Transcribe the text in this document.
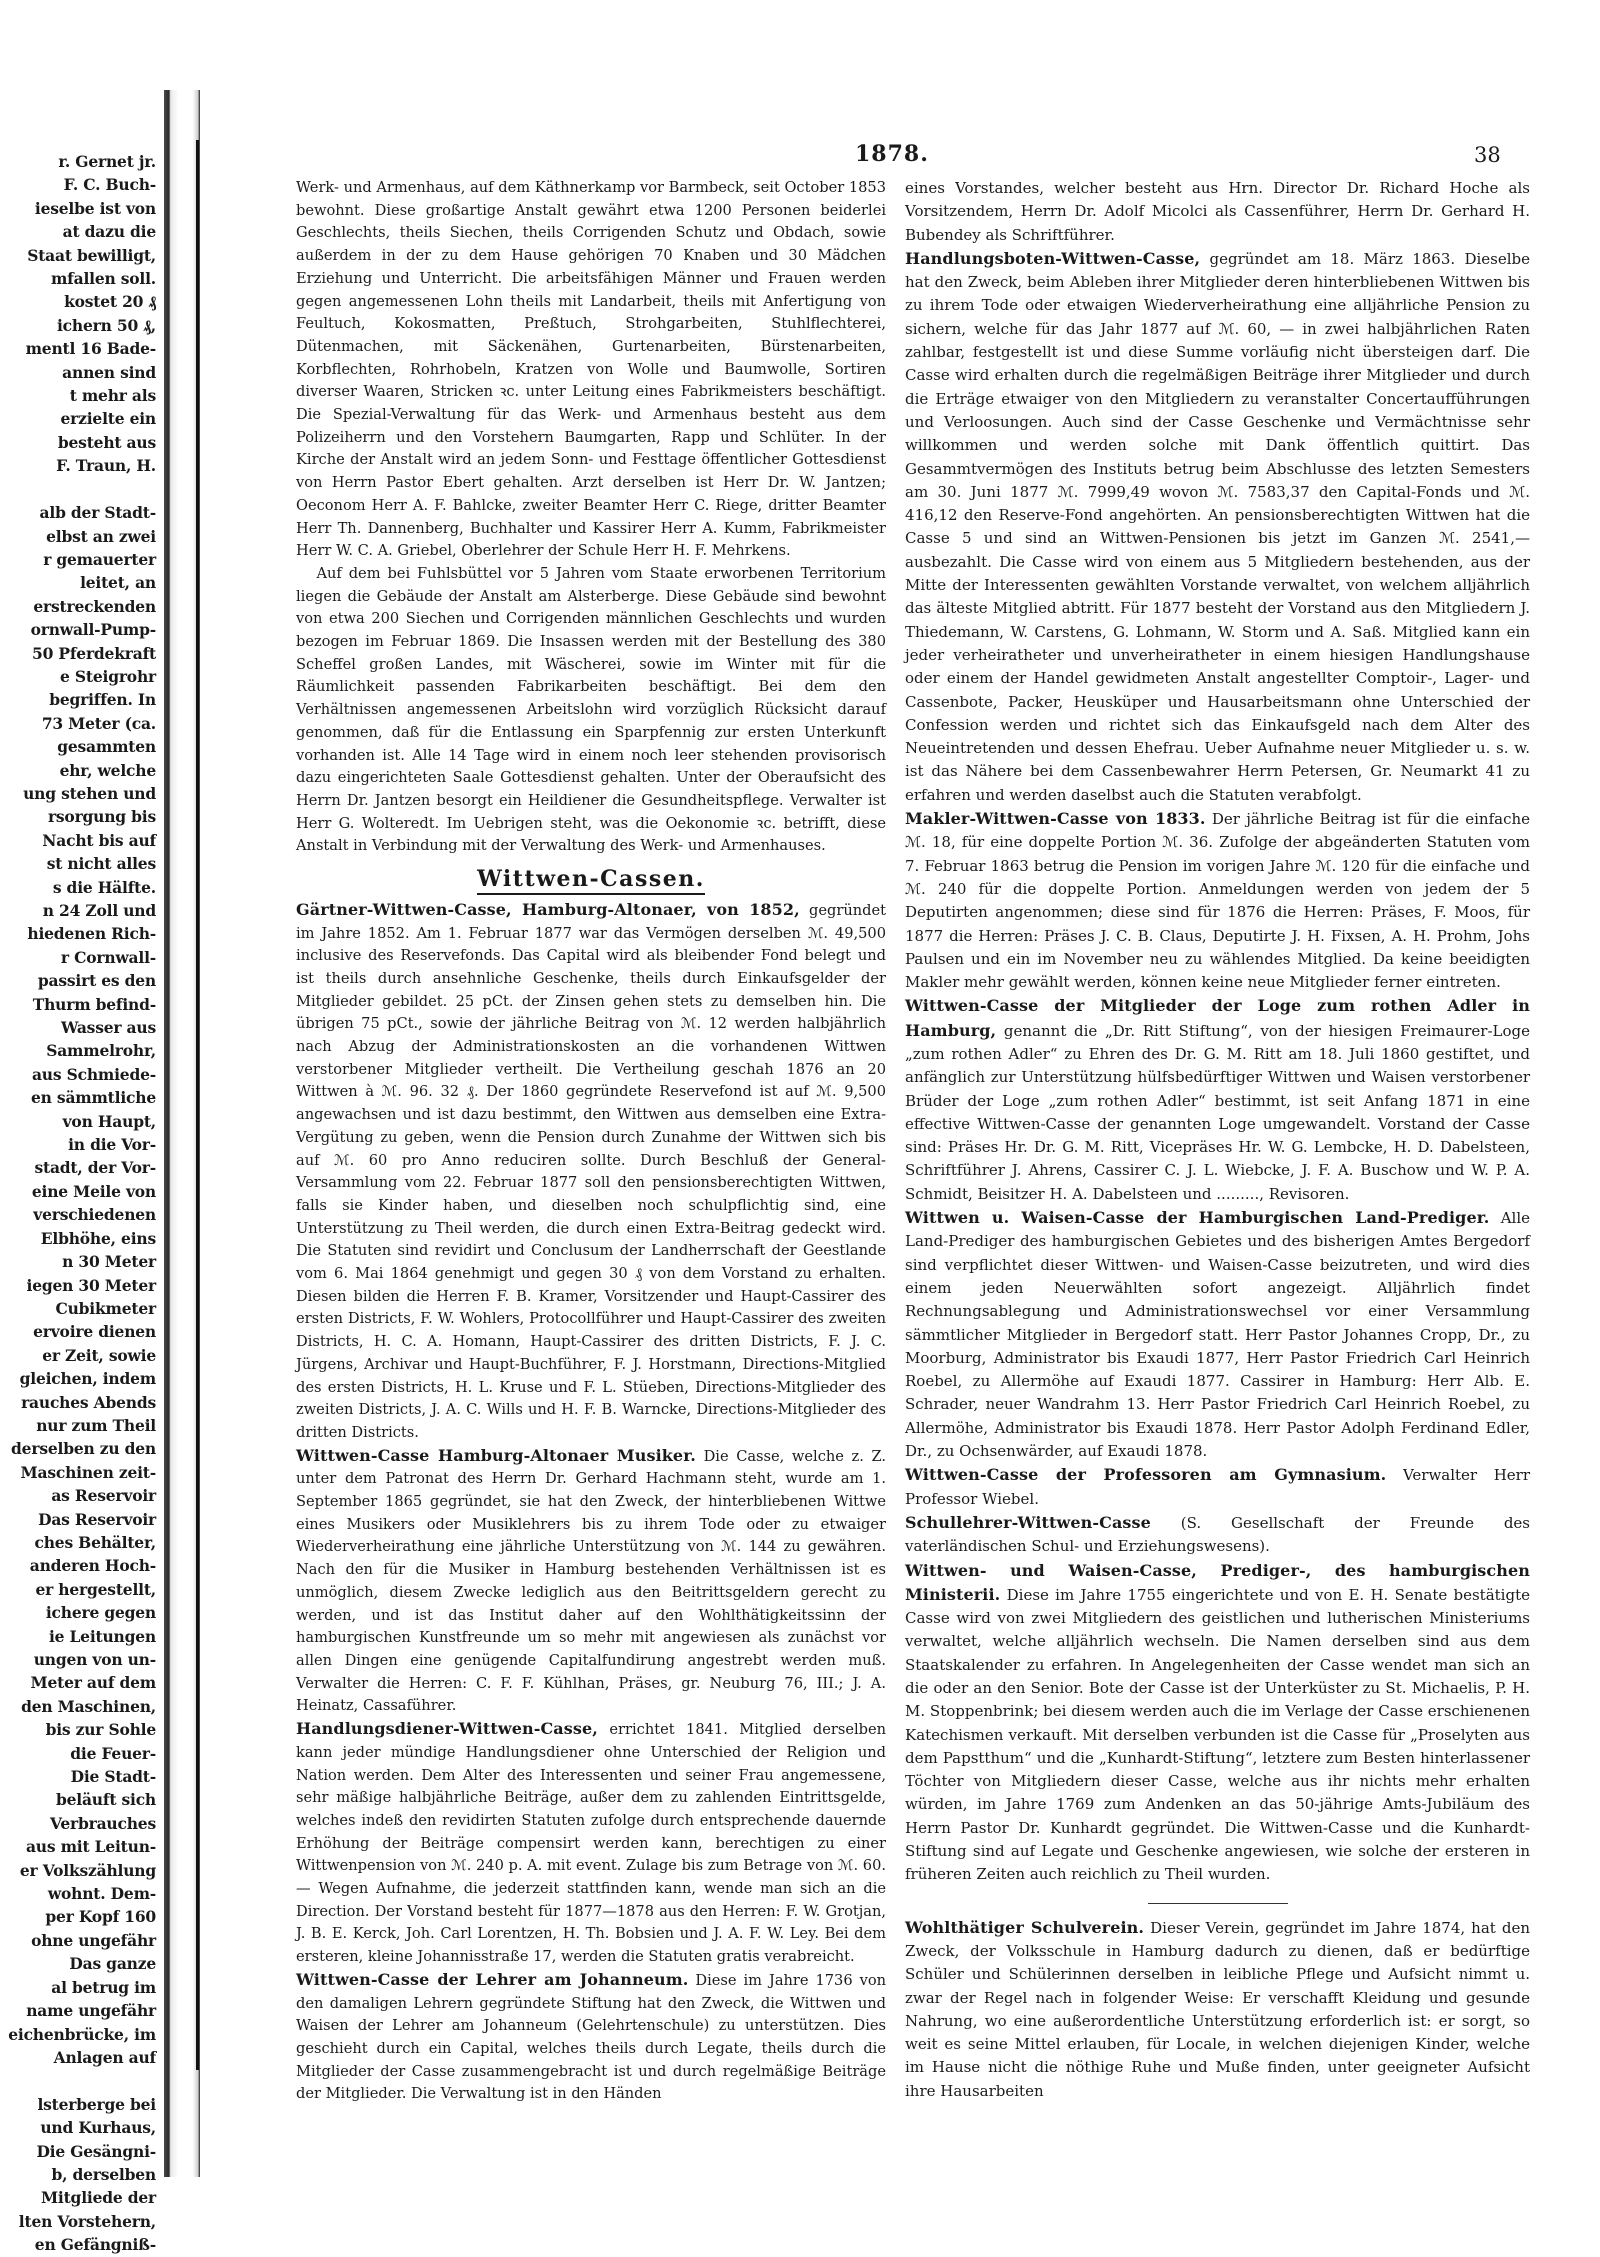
r. Gernet jr.
F. C. Buch-
ieselbe ist von
at dazu die
Staat bewilligt,
mfallen soll.
kostet 20 ₰
ichern 50 ₰,
mentl 16 Bade-
annen sind
t mehr als
erzielte ein
besteht aus
F. Traun, H.

alb der Stadt-
elbst an zwei
r gemauerter
leitet, an
erstreckenden
ornwall-Pump-
50 Pferdekraft
e Steigrohr
begriffen. In
73 Meter (ca.
gesammten
ehr, welche
ung stehen und
rsorgung bis
Nacht bis auf
st nicht alles
s die Hälfte.
n 24 Zoll und
hiedenen Rich-
r Cornwall-
passirt es den
Thurm befind-
Wasser aus
Sammelrohr,
aus Schmiede-
en sämmtliche
von Haupt,
in die Vor-
stadt, der Vor-
eine Meile von
verschiedenen
Elbhöhe, eins
n 30 Meter
iegen 30 Meter
Cubikmeter
ervoire dienen
er Zeit, sowie
gleichen, indem
rauches Abends
nur zum Theil
derselben zu den
Maschinen zeit-
as Reservoir
Das Reservoir
ches Behälter,
anderen Hoch-
er hergestellt,
ichere gegen
ie Leitungen
ungen von un-
Meter auf dem
den Maschinen,
bis zur Sohle
die Feuer-
Die Stadt-
beläuft sich
Verbrauches
aus mit Leitun-
er Volkszählung
wohnt. Dem-
per Kopf 160
ohne ungefähr
Das ganze
al betrug im
name ungefähr
eichenbrücke, im
Anlagen auf

lsterberge bei
und Kurhaus,
Die Gesängni-
b, derselben
Mitgliede der
lten Vorstehern,
en Gefängniß-
1878.	38

Werk- und Armenhaus, auf dem Käthnerkamp vor Barmbeck, seit October 1853 bewohnt. Diese großartige Anstalt gewährt etwa 1200 Personen beiderlei Geschlechts, theils Siechen, theils Corrigenden Schutz und Obdach, sowie außerdem in der zu dem Hause gehörigen 70 Knaben und 30 Mädchen Erziehung und Unterricht. Die arbeitsfähigen Männer und Frauen werden gegen angemessenen Lohn theils mit Landarbeit, theils mit Anfertigung von Feultuch, Kokosmatten, Preßtuch, Strohgarbeiten, Stuhlflechterei, Dütenmachen, mit Säckenähen, Gurtenarbeiten, Bürstenarbeiten, Korbflechten, Rohrhobeln, Kratzen von Wolle und Baumwolle, Sortiren diverser Waaren, Stricken ꝛc. unter Leitung eines Fabrikmeisters beschäftigt. Die Spezial-Verwaltung für das Werk- und Armenhaus besteht aus dem Polizeiherrn und den Vorstehern Baumgarten, Rapp und Schlüter. In der Kirche der Anstalt wird an jedem Sonn- und Festtage öffentlicher Gottesdienst von Herrn Pastor Ebert gehalten. Arzt derselben ist Herr Dr. W. Jantzen; Oeconom Herr A. F. Bahlcke, zweiter Beamter Herr C. Riege, dritter Beamter Herr Th. Dannenberg, Buchhalter und Kassirer Herr A. Kumm, Fabrikmeister Herr W. C. A. Griebel, Oberlehrer der Schule Herr H. F. Mehrkens.

Auf dem bei Fuhlsbüttel vor 5 Jahren vom Staate erworbenen Territorium liegen die Gebäude der Anstalt am Alsterberge. Diese Gebäude sind bewohnt von etwa 200 Siechen und Corrigenden männlichen Geschlechts und wurden bezogen im Februar 1869. Die Insassen werden mit der Bestellung des 380 Scheffel großen Landes, mit Wäscherei, sowie im Winter mit für die Räumlichkeit passenden Fabrikarbeiten beschäftigt. Bei dem den Verhältnissen angemessenen Arbeitslohn wird vorzüglich Rücksicht darauf genommen, daß für die Entlassung ein Sparpfennig zur ersten Unterkunft vorhanden ist. Alle 14 Tage wird in einem noch leer stehenden provisorisch dazu eingerichteten Saale Gottesdienst gehalten. Unter der Oberaufsicht des Herrn Dr. Jantzen besorgt ein Heildiener die Gesundheitspflege. Verwalter ist Herr G. Wolteredt. Im Uebrigen steht, was die Oekonomie ꝛc. betrifft, diese Anstalt in Verbindung mit der Verwaltung des Werk- und Armenhauses.

Wittwen-Cassen.

Gärtner-Wittwen-Casse, Hamburg-Altonaer, von 1852, gegründet im Jahre 1852. Am 1. Februar 1877 war das Vermögen derselben ℳ. 49,500 inclusive des Reservefonds. Das Capital wird als bleibender Fond belegt und ist theils durch ansehnliche Geschenke, theils durch Einkaufsgelder der Mitglieder gebildet. 25 pCt. der Zinsen gehen stets zu demselben hin. Die übrigen 75 pCt., sowie der jährliche Beitrag von ℳ. 12 werden halbjährlich nach Abzug der Administrationskosten an die vorhandenen Wittwen verstorbener Mitglieder vertheilt. Die Vertheilung geschah 1876 an 20 Wittwen à ℳ. 96. 32 ₰. Der 1860 gegründete Reservefond ist auf ℳ. 9,500 angewachsen und ist dazu bestimmt, den Wittwen aus demselben eine Extra-Vergütung zu geben, wenn die Pension durch Zunahme der Wittwen sich bis auf ℳ. 60 pro Anno reduciren sollte. Durch Beschluß der General-Versammlung vom 22. Februar 1877 soll den pensionsberechtigten Wittwen, falls sie Kinder haben, und dieselben noch schulpflichtig sind, eine Unterstützung zu Theil werden, die durch einen Extra-Beitrag gedeckt wird. Die Statuten sind revidirt und Conclusum der Landherrschaft der Geestlande vom 6. Mai 1864 genehmigt und gegen 30 ₰ von dem Vorstand zu erhalten. Diesen bilden die Herren F. B. Kramer, Vorsitzender und Haupt-Cassirer des ersten Districts, F. W. Wohlers, Protocollführer und Haupt-Cassirer des zweiten Districts, H. C. A. Homann, Haupt-Cassirer des dritten Districts, F. J. C. Jürgens, Archivar und Haupt-Buchführer, F. J. Horstmann, Directions-Mitglied des ersten Districts, H. L. Kruse und F. L. Stüeben, Directions-Mitglieder des zweiten Districts, J. A. C. Wills und H. F. B. Warncke, Directions-Mitglieder des dritten Districts.

Wittwen-Casse Hamburg-Altonaer Musiker. Die Casse, welche z. Z. unter dem Patronat des Herrn Dr. Gerhard Hachmann steht, wurde am 1. September 1865 gegründet, sie hat den Zweck, der hinterbliebenen Wittwe eines Musikers oder Musiklehrers bis zu ihrem Tode oder zu etwaiger Wiederverheirathung eine jährliche Unterstützung von ℳ. 144 zu gewähren. Nach den für die Musiker in Hamburg bestehenden Verhältnissen ist es unmöglich, diesem Zwecke lediglich aus den Beitrittsgeldern gerecht zu werden, und ist das Institut daher auf den Wohlthätigkeitssinn der hamburgischen Kunstfreunde um so mehr mit angewiesen als zunächst vor allen Dingen eine genügende Capitalfundirung angestrebt werden muß. Verwalter die Herren: C. F. F. Kühlhan, Präses, gr. Neuburg 76, III.; J. A. Heinatz, Cassaführer.

Handlungsdiener-Wittwen-Casse, errichtet 1841. Mitglied derselben kann jeder mündige Handlungsdiener ohne Unterschied der Religion und Nation werden. Dem Alter des Interessenten und seiner Frau angemessene, sehr mäßige halbjährliche Beiträge, außer dem zu zahlenden Eintrittsgelde, welches indeß den revidirten Statuten zufolge durch entsprechende dauernde Erhöhung der Beiträge compensirt werden kann, berechtigen zu einer Wittwenpension von ℳ. 240 p. A. mit event. Zulage bis zum Betrage von ℳ. 60. — Wegen Aufnahme, die jederzeit stattfinden kann, wende man sich an die Direction. Der Vorstand besteht für 1877—1878 aus den Herren: F. W. Grotjan, J. B. E. Kerck, Joh. Carl Lorentzen, H. Th. Bobsien und J. A. F. W. Ley. Bei dem ersteren, kleine Johannisstraße 17, werden die Statuten gratis verabreicht.

Wittwen-Casse der Lehrer am Johanneum. Diese im Jahre 1736 von den damaligen Lehrern gegründete Stiftung hat den Zweck, die Wittwen und Waisen der Lehrer am Johanneum (Gelehrtenschule) zu unterstützen. Dies geschieht durch ein Capital, welches theils durch Legate, theils durch die Mitglieder der Casse zusammengebracht ist und durch regelmäßige Beiträge der Mitglieder. Die Verwaltung ist in den Händen

eines Vorstandes, welcher besteht aus Hrn. Director Dr. Richard Hoche als Vorsitzendem, Herrn Dr. Adolf Micolci als Cassenführer, Herrn Dr. Gerhard H. Bubendey als Schriftführer.

Handlungsboten-Wittwen-Casse, gegründet am 18. März 1863. Dieselbe hat den Zweck, beim Ableben ihrer Mitglieder deren hinterbliebenen Wittwen bis zu ihrem Tode oder etwaigen Wiederverheirathung eine alljährliche Pension zu sichern, welche für das Jahr 1877 auf ℳ. 60, — in zwei halbjährlichen Raten zahlbar, festgestellt ist und diese Summe vorläufig nicht übersteigen darf. Die Casse wird erhalten durch die regelmäßigen Beiträge ihrer Mitglieder und durch die Erträge etwaiger von den Mitgliedern zu veranstalter Concertaufführungen und Verloosungen. Auch sind der Casse Geschenke und Vermächtnisse sehr willkommen und werden solche mit Dank öffentlich quittirt. Das Gesammtvermögen des Instituts betrug beim Abschlusse des letzten Semesters am 30. Juni 1877 ℳ. 7999,49 wovon ℳ. 7583,37 den Capital-Fonds und ℳ. 416,12 den Reserve-Fond angehörten. An pensionsberechtigten Wittwen hat die Casse 5 und sind an Wittwen-Pensionen bis jetzt im Ganzen ℳ. 2541,— ausbezahlt. Die Casse wird von einem aus 5 Mitgliedern bestehenden, aus der Mitte der Interessenten gewählten Vorstande verwaltet, von welchem alljährlich das älteste Mitglied abtritt. Für 1877 besteht der Vorstand aus den Mitgliedern J. Thiedemann, W. Carstens, G. Lohmann, W. Storm und A. Saß. Mitglied kann ein jeder verheiratheter und unverheiratheter in einem hiesigen Handlungshause oder einem der Handel gewidmeten Anstalt angestellter Comptoir-, Lager- und Cassenbote, Packer, Heusküper und Hausarbeitsmann ohne Unterschied der Confession werden und richtet sich das Einkaufsgeld nach dem Alter des Neueintretenden und dessen Ehefrau. Ueber Aufnahme neuer Mitglieder u. s. w. ist das Nähere bei dem Cassenbewahrer Herrn Petersen, Gr. Neumarkt 41 zu erfahren und werden daselbst auch die Statuten verabfolgt.

Makler-Wittwen-Casse von 1833. Der jährliche Beitrag ist für die einfache ℳ. 18, für eine doppelte Portion ℳ. 36. Zufolge der abgeänderten Statuten vom 7. Februar 1863 betrug die Pension im vorigen Jahre ℳ. 120 für die einfache und ℳ. 240 für die doppelte Portion. Anmeldungen werden von jedem der 5 Deputirten angenommen; diese sind für 1876 die Herren: Präses, F. Moos, für 1877 die Herren: Präses J. C. B. Claus, Deputirte J. H. Fixsen, A. H. Prohm, Johs Paulsen und ein im November neu zu wählendes Mitglied. Da keine beeidigten Makler mehr gewählt werden, können keine neue Mitglieder ferner eintreten.

Wittwen-Casse der Mitglieder der Loge zum rothen Adler in Hamburg, genannt die „Dr. Ritt Stiftung“, von der hiesigen Freimaurer-Loge „zum rothen Adler“ zu Ehren des Dr. G. M. Ritt am 18. Juli 1860 gestiftet, und anfänglich zur Unterstützung hülfsbedürftiger Wittwen und Waisen verstorbener Brüder der Loge „zum rothen Adler“ bestimmt, ist seit Anfang 1871 in eine effective Wittwen-Casse der genannten Loge umgewandelt. Vorstand der Casse sind: Präses Hr. Dr. G. M. Ritt, Vicepräses Hr. W. G. Lembcke, H. D. Dabelsteen, Schriftführer J. Ahrens, Cassirer C. J. L. Wiebcke, J. F. A. Buschow und W. P. A. Schmidt, Beisitzer H. A. Dabelsteen und ........., Revisoren.

Wittwen u. Waisen-Casse der Hamburgischen Land-Prediger. Alle Land-Prediger des hamburgischen Gebietes und des bisherigen Amtes Bergedorf sind verpflichtet dieser Wittwen- und Waisen-Casse beizutreten, und wird dies einem jeden Neuerwählten sofort angezeigt. Alljährlich findet Rechnungsablegung und Administrationswechsel vor einer Versammlung sämmtlicher Mitglieder in Bergedorf statt. Herr Pastor Johannes Cropp, Dr., zu Moorburg, Administrator bis Exaudi 1877, Herr Pastor Friedrich Carl Heinrich Roebel, zu Allermöhe auf Exaudi 1877. Cassirer in Hamburg: Herr Alb. E. Schrader, neuer Wandrahm 13. Herr Pastor Friedrich Carl Heinrich Roebel, zu Allermöhe, Administrator bis Exaudi 1878. Herr Pastor Adolph Ferdinand Edler, Dr., zu Ochsenwärder, auf Exaudi 1878.

Wittwen-Casse der Professoren am Gymnasium. Verwalter Herr Professor Wiebel.

Schullehrer-Wittwen-Casse (S. Gesellschaft der Freunde des vaterländischen Schul- und Erziehungswesens).

Wittwen- und Waisen-Casse, Prediger-, des hamburgischen Ministerii. Diese im Jahre 1755 eingerichtete und von E. H. Senate bestätigte Casse wird von zwei Mitgliedern des geistlichen und lutherischen Ministeriums verwaltet, welche alljährlich wechseln. Die Namen derselben sind aus dem Staatskalender zu erfahren. In Angelegenheiten der Casse wendet man sich an die oder an den Senior. Bote der Casse ist der Unterküster zu St. Michaelis, P. H. M. Stoppenbrink; bei diesem werden auch die im Verlage der Casse erschienenen Katechismen verkauft. Mit derselben verbunden ist die Casse für „Proselyten aus dem Papstthum“ und die „Kunhardt-Stiftung“, letztere zum Besten hinterlassener Töchter von Mitgliedern dieser Casse, welche aus ihr nichts mehr erhalten würden, im Jahre 1769 zum Andenken an das 50-jährige Amts-Jubiläum des Herrn Pastor Dr. Kunhardt gegründet. Die Wittwen-Casse und die Kunhardt-Stiftung sind auf Legate und Geschenke angewiesen, wie solche der ersteren in früheren Zeiten auch reichlich zu Theil wurden.

Wohlthätiger Schulverein. Dieser Verein, gegründet im Jahre 1874, hat den Zweck, der Volksschule in Hamburg dadurch zu dienen, daß er bedürftige Schüler und Schülerinnen derselben in leibliche Pflege und Aufsicht nimmt u. zwar der Regel nach in folgender Weise: Er verschafft Kleidung und gesunde Nahrung, wo eine außerordentliche Unterstützung erforderlich ist: er sorgt, so weit es seine Mittel erlauben, für Locale, in welchen diejenigen Kinder, welche im Hause nicht die nöthige Ruhe und Muße finden, unter geeigneter Aufsicht ihre Hausarbeiten
